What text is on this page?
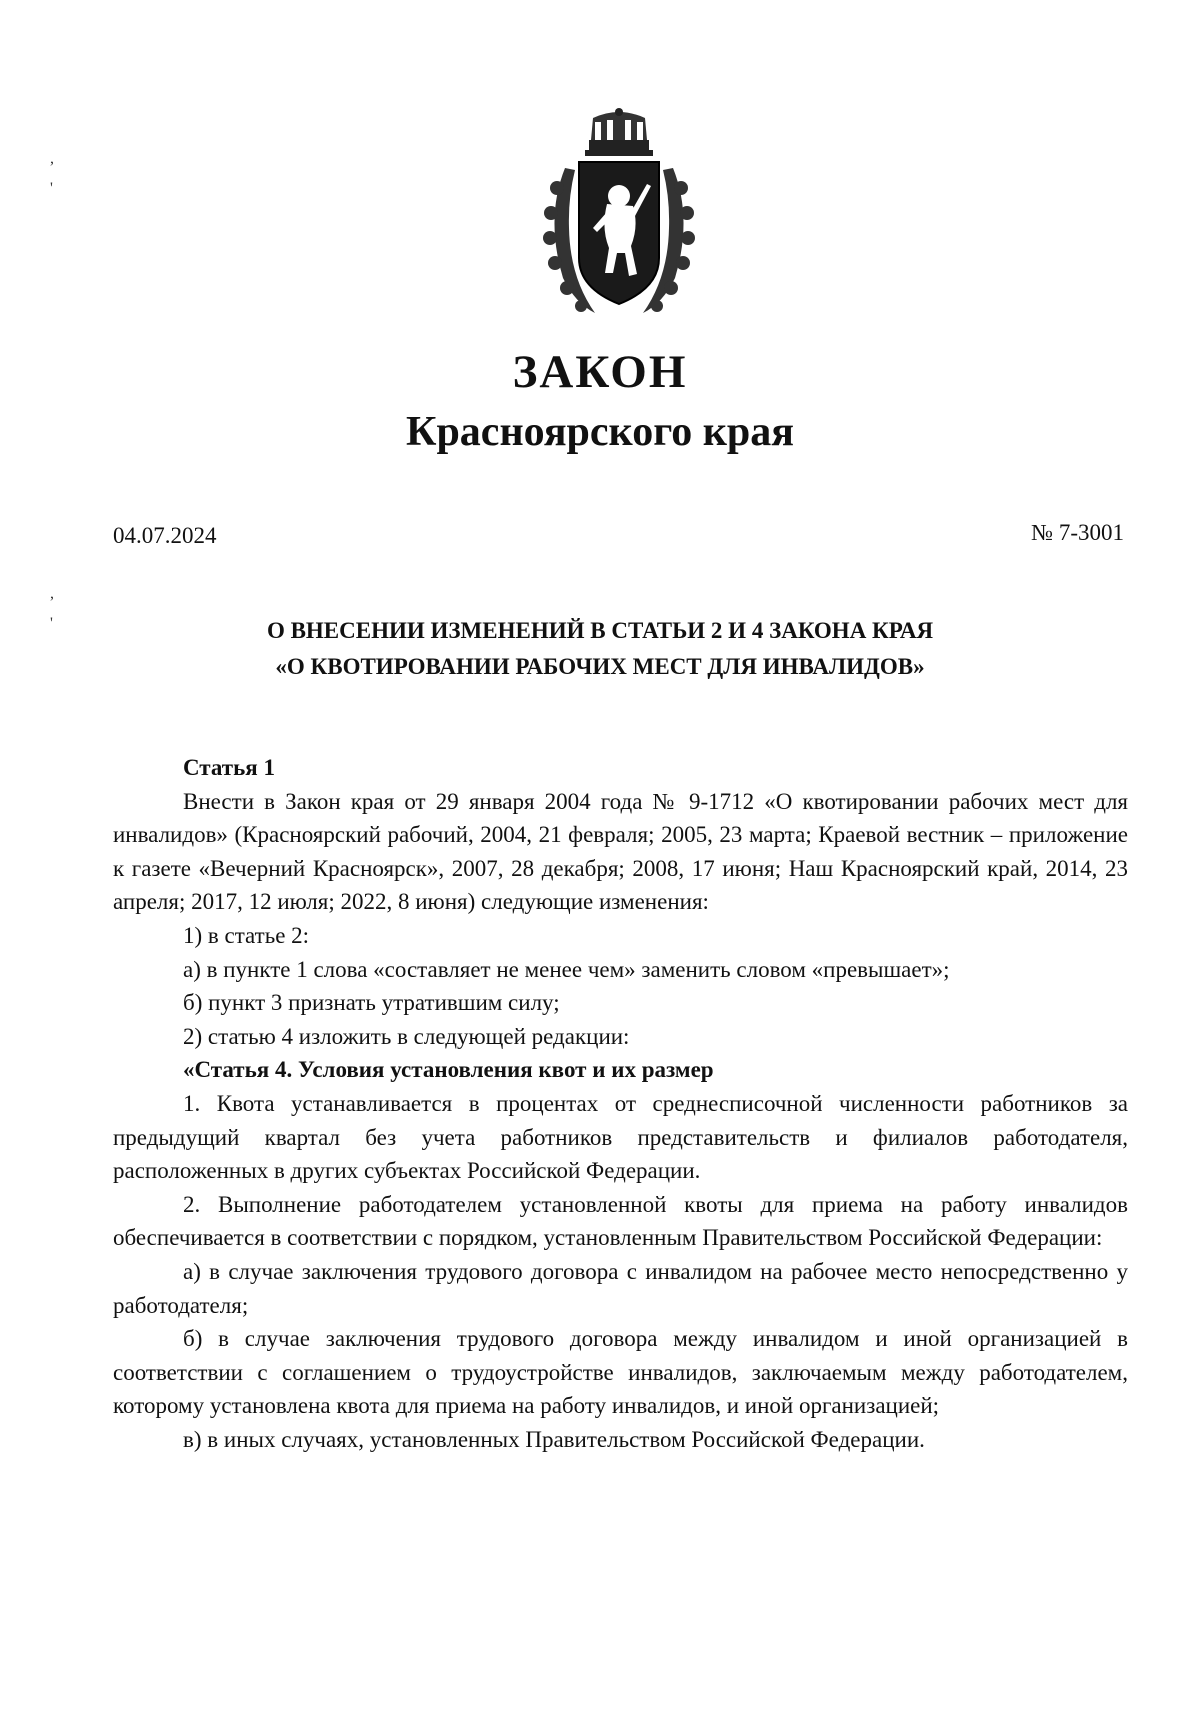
ЗАКОН
Красноярского края
04.07.2024	№ 7-3001
О ВНЕСЕНИИ ИЗМЕНЕНИЙ В СТАТЬИ 2 И 4 ЗАКОНА КРАЯ
«О КВОТИРОВАНИИ РАБОЧИХ МЕСТ ДЛЯ ИНВАЛИДОВ»

Статья 1

Внести в Закон края от 29 января 2004 года № 9-1712 «О квотировании рабочих мест для инвалидов» (Красноярский рабочий, 2004, 21 февраля; 2005, 23 марта; Краевой вестник – приложение к газете «Вечерний Красноярск», 2007, 28 декабря; 2008, 17 июня; Наш Красноярский край, 2014, 23 апреля; 2017, 12 июля; 2022, 8 июня) следующие изменения:

1) в статье 2:

а) в пункте 1 слова «составляет не менее чем» заменить словом «превышает»;

б) пункт 3 признать утратившим силу;

2) статью 4 изложить в следующей редакции:

«Статья 4. Условия установления квот и их размер

1. Квота устанавливается в процентах от среднесписочной численности работников за предыдущий квартал без учета работников представительств и филиалов работодателя, расположенных в других субъектах Российской Федерации.

2. Выполнение работодателем установленной квоты для приема на работу инвалидов обеспечивается в соответствии с порядком, установленным Правительством Российской Федерации:

а) в случае заключения трудового договора с инвалидом на рабочее место непосредственно у работодателя;

б) в случае заключения трудового договора между инвалидом и иной организацией в соответствии с соглашением о трудоустройстве инвалидов, заключаемым между работодателем, которому установлена квота для приема на работу инвалидов, и иной организацией;

в) в иных случаях, установленных Правительством Российской Федерации.

,
'
,
'
